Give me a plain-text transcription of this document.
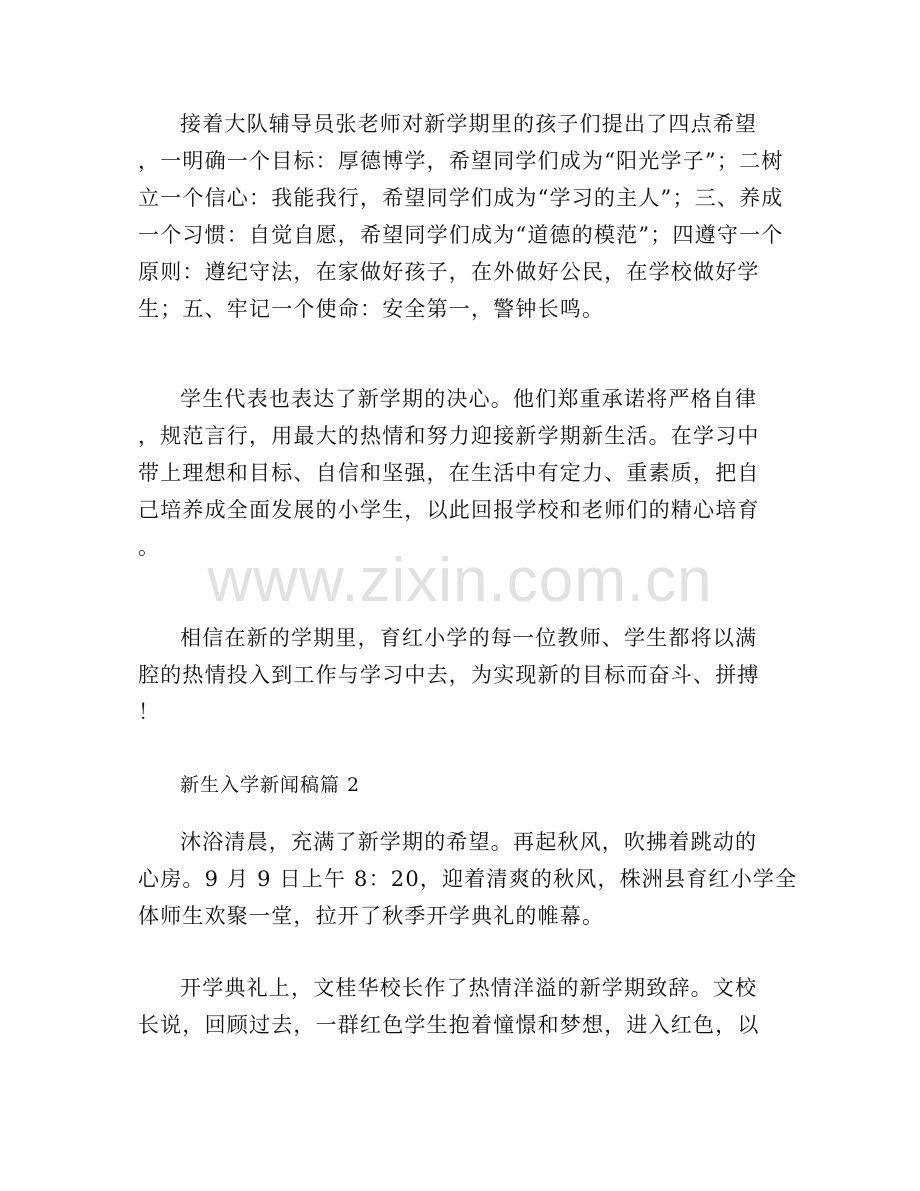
www.zixin.com.cn

接着大队辅导员张老师对新学期里的孩子们提出了四点希望
，一明确一个目标：厚德博学，希望同学们成为“阳光学子”；二树
立一个信心：我能我行，希望同学们成为“学习的主人”；三、养成
一个习惯：自觉自愿，希望同学们成为“道德的模范”；四遵守一个
原则：遵纪守法，在家做好孩子，在外做好公民，在学校做好学
生；五、牢记一个使命：安全第一，警钟长鸣。

学生代表也表达了新学期的决心。他们郑重承诺将严格自律
，规范言行，用最大的热情和努力迎接新学期新生活。在学习中
带上理想和目标、自信和坚强，在生活中有定力、重素质，把自
己培养成全面发展的小学生，以此回报学校和老师们的精心培育
。

相信在新的学期里，育红小学的每一位教师、学生都将以满
腔的热情投入到工作与学习中去，为实现新的目标而奋斗、拼搏
！

新生入学新闻稿篇 2

沐浴清晨，充满了新学期的希望。再起秋风，吹拂着跳动的
心房。9 月 9 日上午 8：20，迎着清爽的秋风，株洲县育红小学全
体师生欢聚一堂，拉开了秋季开学典礼的帷幕。

开学典礼上，文桂华校长作了热情洋溢的新学期致辞。文校
长说，回顾过去，一群红色学生抱着憧憬和梦想，进入红色，以
